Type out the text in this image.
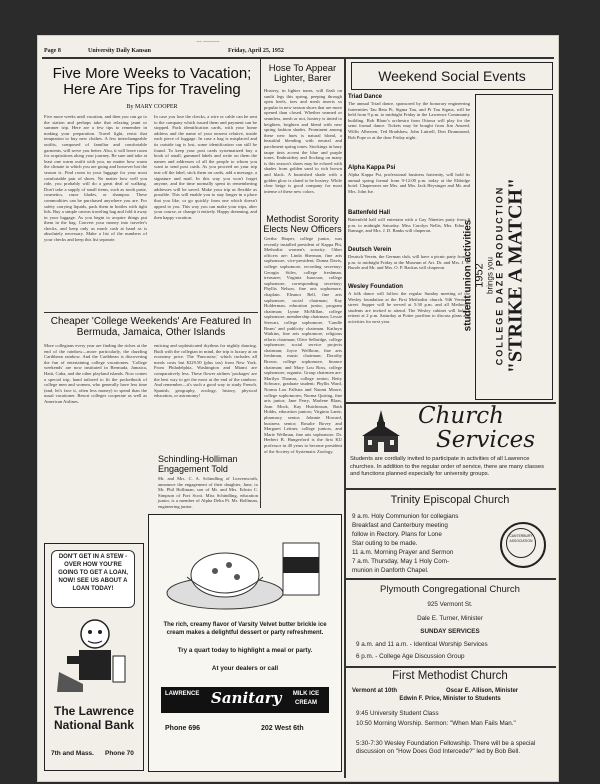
~~ ~~~~~~
Page 8	University Daily Kansan	Friday, April 25, 1952
Five More Weeks to Vacation; Here Are Tips for Traveling
By MARY COOPER
Five more weeks until vacation, and then you can go to the station and perhaps take that relaxing jaunt or summer trip. Here are a few tips to remember in making your preparation. Travel light, resist that temptation to buy new clothes. A few interchangeable outfits, composed of familiar and comfortable garments, will serve you better. Also, it will leave room for acquisitions along your journey. Be sure and take at least one warm outfit with you, no matter how warm the climate to which you are going and however hot the season is. Find room in your luggage for your most comfortable pair of shoes. No matter how well you ride, you probably will do a great deal of walking. Don't take a supply of small items, such as tooth paste, cosmetics, razor blades, or shampoo. These commodities can be purchased anywhere you are. For safety carrying liquids, pack them in bottles with tight lids. Buy a simple canvas traveling bag and fold it away in your luggage. As you begin to acquire things put them in the bag. Convert your money into traveler's checks, and keep only as much cash at hand as is absolutely necessary. Make a list of the numbers of your checks and keep this list separate.
In case you lose the checks, a wire or cable can be sent to the company which issued them and payment can be stopped. Pack identification cards, with your home address and the name of your nearest relative, inside each piece of luggage. In case a bag is misplaced and its outside tag is lost, some identification can still be found. To keep your post cards systematized buy a book of small, gummed labels and write on them the names and addresses of all the people to whom you want to send post cards. As you proceed on your trip tear off the label, stick them on cards, add a message, a signature and mail. In this way you won't forget anyone, and the time normally spent in remembering addresses will be saved. Make your trip as flexible as possible. This will enable you to stay longer in a place that you like, or go quickly from one which doesn't appeal to you. This way you can make your trips, alter your course, or change it entirely. Happy dreaming, and then happy vacation.
Cheaper 'College Weekends' Are Featured In Bermuda, Jamaica, Other Islands
More collegians every year are finding the riches at the end of the rainbow—more particularly, the dazzling Caribbean rainbow. And the Caribbean is discovering the fun of entertaining college vacationers. 'College weekends' are now instituted in Bermuda, Jamaica, Haiti, Cuba, and the other playland islands. Now comes a special trip, hand tailored to fit the pocketbook of college men and women, who generally have less time (and, let's face it, often less money) to spend than the usual vacationer. Resort colleges cooperate as well as American Airlines.
enticing and sophisticated rhythms for nightly dancing. Built with the collegian in mind, the trip is luxury at an economy price. The 'Funcruise,' which includes all meals costs but $229.50 (plus tax) from New York. From Philadelphia, Washington and Miami are comparatively less. These flower airlines 'packages' are the best way to get the most at the end of the rainbow. And remember—it's such a good way to study French, Spanish, geography, zoology, history, physical education, or astronomy!
DON'T GET IN A STEW - OVER HOW YOU'RE GOING TO GET A LOAN, NOW! SEE US ABOUT A LOAN TODAY!
The Lawrence National Bank
7th and Mass. Phone 70
Hose To Appear Lighter, Barer
Hosiery, in lighter tones, will flash on sunlit legs this spring, peeping through open heels, toes and mesh inserts so popular in new season shoes that are more opened than closed. Whether seamed or seamless, mesh or not, hosiery is tinted to heighten, brighten and blend with new spring fashion shades. Prominent among these new hues is natural blond, a beautiful blending with neutral and parchment spring tones. Stockings in hazy taupe tints accent the blue and purple tones. Embroidery and flocking on many is this season's shoes may be echoed with shades from golden sand to rich brown and black. A burnished shade with a golden glow is slated to be hosiery. While clear beige is good company for most intense of these new colors.
Methodist Sorority Elects New Officers
Gertha Harper, college junior, was recently installed president of Kappa Phi, Methodist women's sorority. Other officers are: Linda Sherman, fine arts sophomore, vice-president; Donna Davis, college sophomore, recording secretary; Georgia Stiles, college freshman, treasurer; Virginia Isaacson, college sophomore, corresponding secretary; Phyllis Nelson, fine arts sophomore, chaplain. Eleanor Bell, fine arts sophomore, social chairman; Kay Holderman, education junior, program chairman; Lynne McMillan, college sophomore, membership chairman; Lessie Stewart, college sophomore, 'Candle Beam' and publicity chairman. Kathryn Watkins, fine arts sophomore, religious efforts chairman; Olive Selbridge, college sophomore, social service projects chairman; Joyce Wellborn, fine arts freshman, music chairman; Dorothy Brown, college sophomore, finance chairman; and Mary Lou Ross, college sophomore, organist. Group chairmen are: Marilyn Thomas, college senior; Betty Schwarz, graduate student; Phyllis Ward, Norma Lou Fallstra and Naomi Moore, college sophomores; Norma Quiring, fine arts junior; Jane Perry, Marlene Blaas, Joan Mock, Kay Hutchinson, Ruth Hobbs, education juniors; Virginia Lantz, pharmacy senior; Johnnie Howard, business senior; Rosalie Bovey and Margaret Leitner, college juniors, and Marie Wellman, fine arts sophomore. Dr. Herbert B. Hungerford is the first KU professor in 40 years to become president of the Society of Systematic Zoology.
Schindling-Holliman Engagement Told
Mr. and Mrs. C. A. Schindling of Leavenworth, announce the engagement of their daughter, June, to Mr. Phil Holliman, son of Mr. and Mrs. Edwin C. Simpson of Fort Scott. Miss Schindling, education junior, is a member of Alpha Delta Pi. Mr. Holliman, engineering junior.
The rich, creamy flavor of Varsity Velvet butter brickle ice cream makes a delightful dessert or party refreshment.
Try a quart today to highlight a meal or party.
At your dealers or call
LAWRENCE Sanitary	MILK ICE CREAM
Phone 696	202 West 6th
Weekend Social Events
Triad Dance
The annual Triad dance, sponsored by the honorary engineering fraternities Tau Beta Pi, Sigma Tau, and Pi Tau Sigma, will be held from 9 p.m. to midnight Friday in the Lawrence Community building. Bob Blanc's orchestra from Ottawa will play for the semi formal dance. Tickets may be bought from Jim Anseed, Willis Albersen, Ted Bradshaw, John Luttrell, Don Drummond, Bob Pope or at the door Friday night.
Alpha Kappa Psi
Alpha Kappa Psi, professional business fraternity, will hold its annual spring formal from 9-12:00 p.m. today at the Eldridge hotel. Chaperones are Mrs. and Mrs. Jack Heysinger and Mr. and Mrs. John Ise.
Battenfeld Hall
Battenfeld hall will entertain with a Gay Nineties party from 9 p.m. to midnight Saturday. Miss Carolyn Nellis, Mrs. Edna E. Ramage, and Mrs. J. D. Banks will chaperon.
Deutsch Verein
Deutsch Verein, the German club, will have a picnic party from 5 p.m. to midnight Friday at the Museum of Art. Dr. and Mrs. J. A. Burzle and Mr. and Mrs. O. P. Backus will chaperon.
Wesley Foundation
A folk dance will follow the regular Sunday meeting of the Wesley foundation at the First Methodist church. 946 Vermont street. Supper will be served at 5:30 p.m. and all Methodist students are invited to attend. The Wesley cabinet will hold a retreat at 2 p.m. Saturday at Potter pavilion to discuss plans and activities for next year.	student union activities 1952 brings you COLLEGE DAZE PRODUCTION "STRIKE A MATCH"
Church
Services
Students are cordially invited to participate in activities of all Lawrence churches. In addition to the regular order of service, there are many classes and functions planned especially for university groups.
Trinity Episcopal Church
9 a.m. Holy Communion for collegians
Breakfast and Canterbury meeting
follow in Rectory. Plans for Lone
Star outing to be made.
11 a.m. Morning Prayer and Sermon
7 a.m. Thursday, May 1 Holy Com-
munion in Danforth Chapel.
CANTERBURY ASSOCIATION
Plymouth Congregational Church
925 Vermont St.
Dale E. Turner, Minister
SUNDAY SERVICES
9 a.m. and 11 a.m. - Identical Worship Services
6 p.m. - College Age Discussion Group
First Methodist Church
Vermont at 10th	Oscar E. Allison, Minister
Edwin F. Price, Minister to Students
9:45 University Student Class
10:50 Morning Worship. Sermon: "When Man Fails Man."
5:30-7:30 Wesley Foundation Fellowship. There will be a special discussion on "How Does God Intercede?" led by Bob Bell.
